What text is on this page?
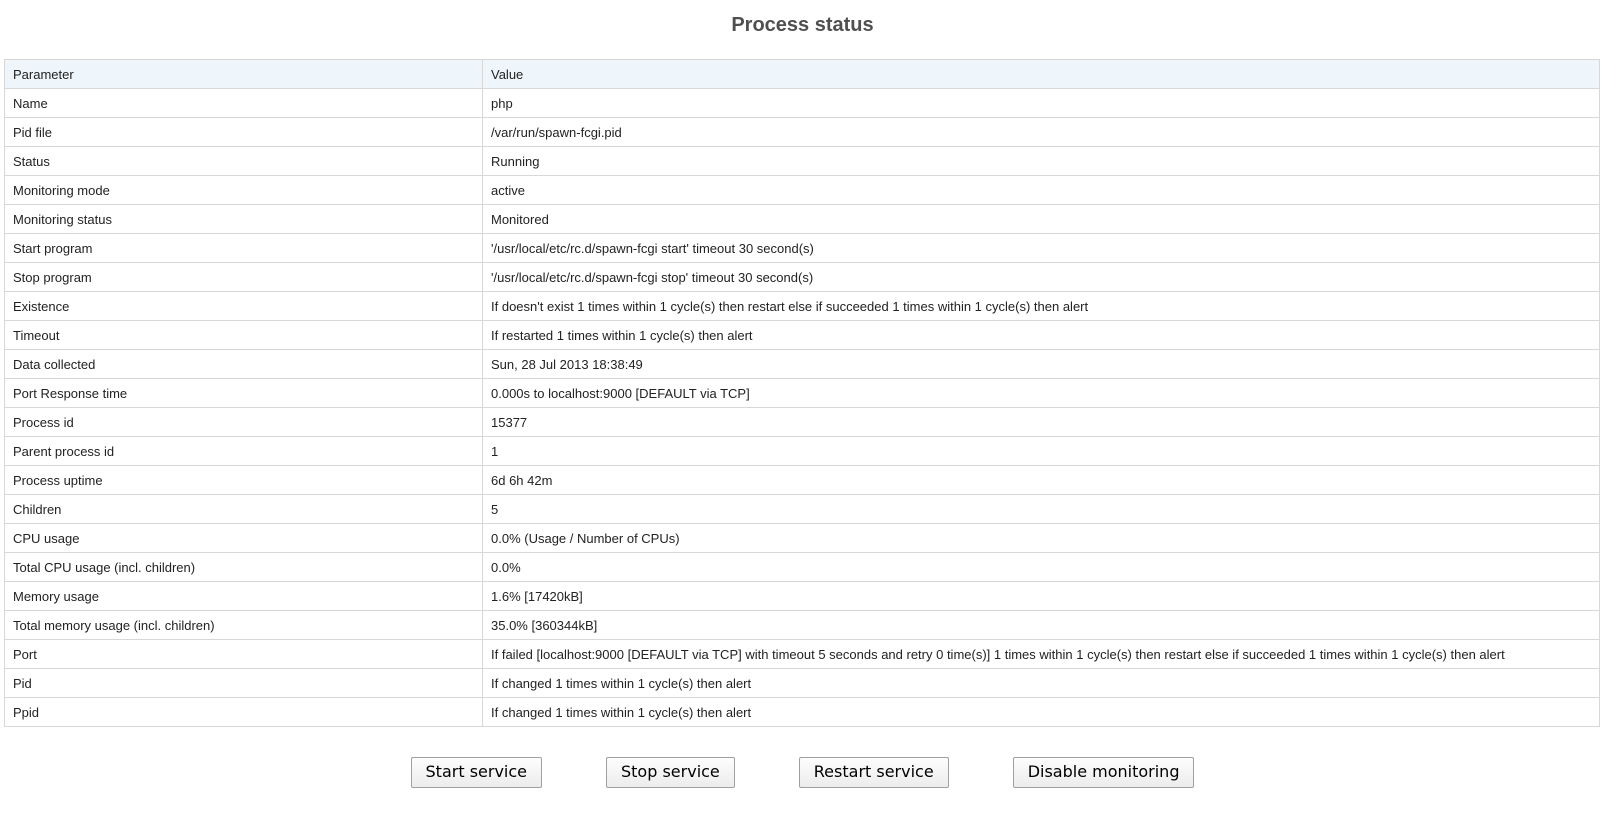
Process status
Parameter	Value
Name	php
Pid file	/var/run/spawn-fcgi.pid
Status	Running
Monitoring mode	active
Monitoring status	Monitored
Start program	'/usr/local/etc/rc.d/spawn-fcgi start' timeout 30 second(s)
Stop program	'/usr/local/etc/rc.d/spawn-fcgi stop' timeout 30 second(s)
Existence	If doesn't exist 1 times within 1 cycle(s) then restart else if succeeded 1 times within 1 cycle(s) then alert
Timeout	If restarted 1 times within 1 cycle(s) then alert
Data collected	Sun, 28 Jul 2013 18:38:49
Port Response time	0.000s to localhost:9000 [DEFAULT via TCP]
Process id	15377
Parent process id	1
Process uptime	6d 6h 42m
Children	5
CPU usage	0.0% (Usage / Number of CPUs)
Total CPU usage (incl. children)	0.0%
Memory usage	1.6% [17420kB]
Total memory usage (incl. children)	35.0% [360344kB]
Port	If failed [localhost:9000 [DEFAULT via TCP] with timeout 5 seconds and retry 0 time(s)] 1 times within 1 cycle(s) then restart else if succeeded 1 times within 1 cycle(s) then alert
Pid	If changed 1 times within 1 cycle(s) then alert
Ppid	If changed 1 times within 1 cycle(s) then alert
Start service	Stop service	Restart service	Disable monitoring
